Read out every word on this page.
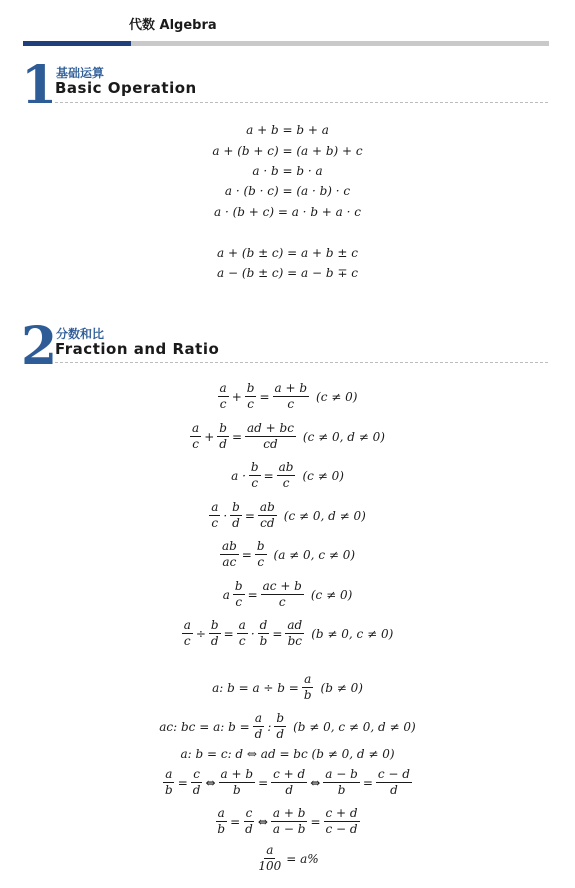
代数 Algebra
1
基础运算
Basic Operation
a + b = b + a
a + (b + c) = (a + b) + c
a · b = b · a
a · (b · c) = (a · b) · c
a · (b + c) = a · b + a · c
a + (b ± c) = a + b ± c
a − (b ± c) = a − b ∓ c
2
分数和比
Fraction and Ratio
$\frac{a}{c} + \frac{b}{c} = \frac{a + b}{c} (c \ne 0)$
$\frac{a}{c} + \frac{b}{d} = \frac{ad + bc}{cd} (c \ne 0$, d ≠ 0)
$a \cdot \frac{b}{c} = \frac{ab}{c} (c \ne 0)$
$\frac{a}{c} \cdot \frac{b}{d} = \frac{ab}{cd} (c \ne 0$, d ≠ 0)
$\frac{ab}{ac} = \frac{b}{c} (a \ne 0$, c ≠ 0)
a $\frac{b}{c} = \frac{ac + b}{c} (c \ne 0)$
$\frac{a}{c} \div \frac{b}{d} = \frac{a}{c} \cdot \frac{d}{b} = \frac{ad}{bc} (b \ne 0$, c ≠ 0)
a: $b = a \div b = \frac{a}{b} (b \ne 0)$
ac: bc = a: $b = \frac{a}{d}$ : $\frac{b}{d} (b \ne 0$, c ≠ 0, d ≠ 0)
a: b = c: d ⇔ ad = bc (b ≠ 0, d ≠ 0)
$\frac{a}{b} = \frac{c}{d}$ ⇔ $\frac{a + b}{b} = \frac{c + d}{d}$ ⇔ $\frac{a - b}{b} = \frac{c - d}{d}$
$\frac{a}{b} = \frac{c}{d}$ ⇔ $\frac{a + b}{a - b} = \frac{c + d}{c - d}$
$\frac{a}{100} = a\%$
